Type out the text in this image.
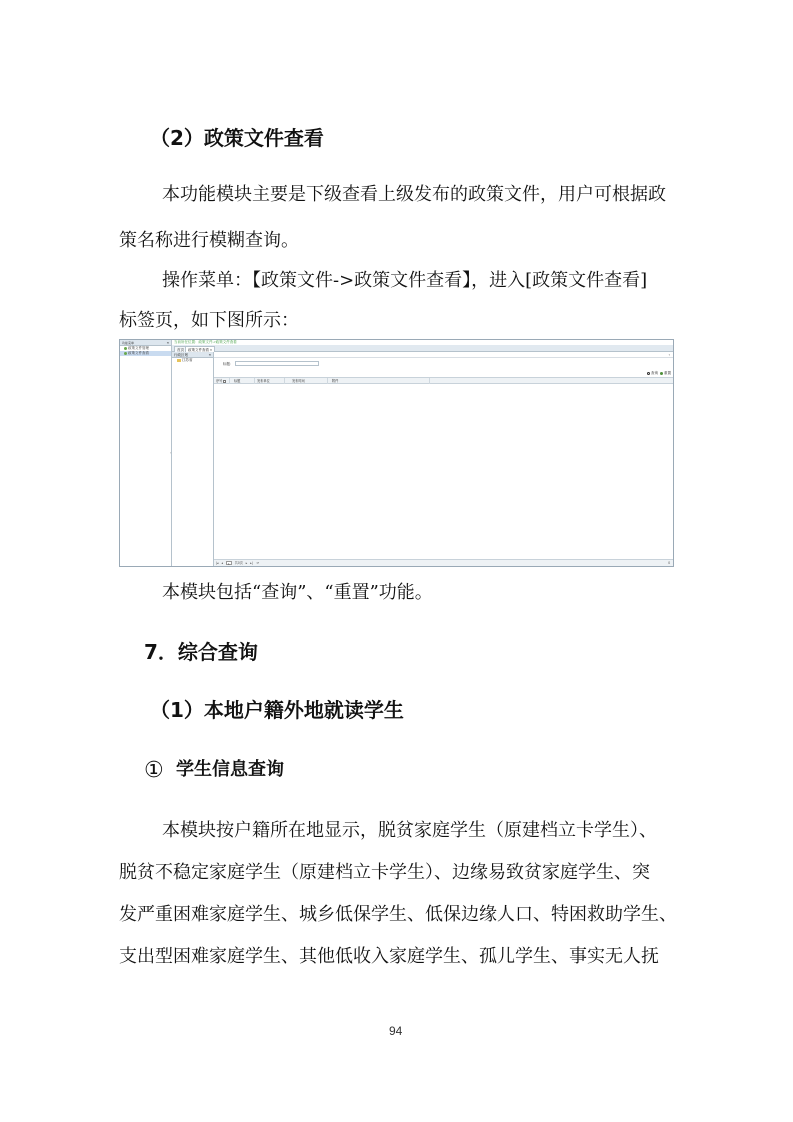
（2）政策文件查看
本功能模块主要是下级查看上级发布的政策文件，用户可根据政
策名称进行模糊查询。
操作菜单：【政策文件->政策文件查看】，进入[政策文件查看]
标签页，如下图所示：
功能菜单	«
政策文件管理
政策文件查看
‹
当前所在位置：政策文件->政策文件查看
首页	政策文件查看 ×
行政区划	«
江苏省
‹
标题：
查询	重置
序号	标题	发布单位	发布时间	附件
|◂ ◂ 1 共0页 ▸ ▸| ⟳	0
本模块包括“查询”、“重置”功能。
7．综合查询
（1）本地户籍外地就读学生
① 学生信息查询
本模块按户籍所在地显示，脱贫家庭学生（原建档立卡学生）、
脱贫不稳定家庭学生（原建档立卡学生）、边缘易致贫家庭学生、突
发严重困难家庭学生、城乡低保学生、低保边缘人口、特困救助学生、
支出型困难家庭学生、其他低收入家庭学生、孤儿学生、事实无人抚
94
